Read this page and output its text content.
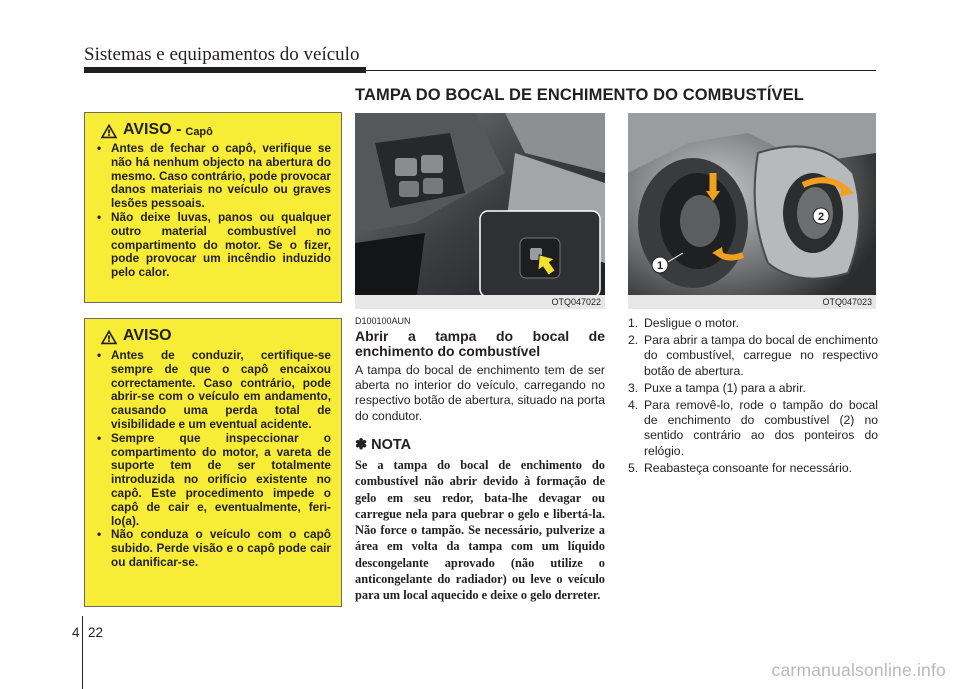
Sistemas e equipamentos do veículo
TAMPA DO BOCAL DE ENCHIMENTO DO COMBUSTÍVEL
AVISO - Capô
• Antes de fechar o capô, verifique se não há nenhum objecto na abertura do mesmo. Caso contrário, pode provocar danos materiais no veículo ou graves lesões pessoais.
• Não deixe luvas, panos ou qualquer outro material combustível no compartimento do motor. Se o fizer, pode provocar um incêndio induzido pelo calor.
AVISO
• Antes de conduzir, certifique-se sempre de que o capô encaixou correctamente. Caso contrário, pode abrir-se com o veículo em andamento, causando uma perda total de visibilidade e um eventual acidente.
• Sempre que inspeccionar o compartimento do motor, a vareta de suporte tem de ser totalmente introduzida no orifício existente no capô. Este procedimento impede o capô de cair e, eventualmente, feri-lo(a).
• Não conduza o veículo com o capô subido. Perde visão e o capô pode cair ou danificar-se.
OTQ047022
1
2
OTQ047023
D100100AUN
Abrir a tampa do bocal de enchimento do combustível
A tampa do bocal de enchimento tem de ser aberta no interior do veículo, carregando no respectivo botão de abertura, situado na porta do condutor.
✽ NOTA
Se a tampa do bocal de enchimento do combustível não abrir devido à formação de gelo em seu redor, bata-lhe devagar ou carregue nela para quebrar o gelo e libertá-la. Não force o tampão. Se necessário, pulverize a área em volta da tampa com um líquido descongelante aprovado (não utilize o anticongelante do radiador) ou leve o veículo para um local aquecido e deixe o gelo derreter.
1. Desligue o motor.
2. Para abrir a tampa do bocal de enchimento do combustível, carregue no respectivo botão de abertura.
3. Puxe a tampa (1) para a abrir.
4. Para removê-lo, rode o tampão do bocal de enchimento do combustível (2) no sentido contrário ao dos ponteiros do relógio.
5. Reabasteça consoante for necessário.
4 22
carmanualsonline.info
